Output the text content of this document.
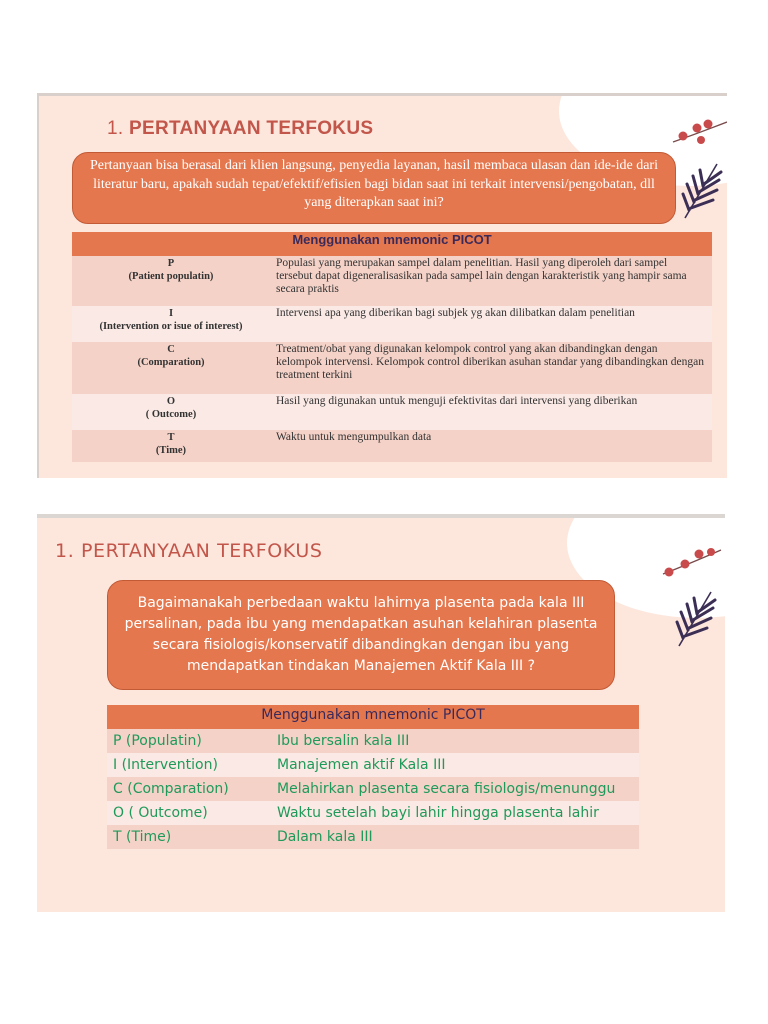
1. PERTANYAAN TERFOKUS
Pertanyaan bisa berasal dari klien langsung, penyedia layanan, hasil membaca ulasan dan ide-ide dari literatur baru, apakah sudah tepat/efektif/efisien bagi bidan saat ini terkait intervensi/pengobatan, dll yang diterapkan saat ini?
Menggunakan mnemonic PICOT	

P
(Patient populatin)	Populasi yang merupakan sampel dalam penelitian. Hasil yang diperoleh dari sampel tersebut dapat digeneralisasikan pada sampel lain dengan karakteristik yang hampir sama secara praktis

I
(Intervention or isue of interest)	Intervensi apa yang diberikan bagi subjek yg akan dilibatkan dalam penelitian

C
(Comparation)	Treatment/obat yang digunakan kelompok control yang akan dibandingkan dengan kelompok intervensi. Kelompok control diberikan asuhan standar yang dibandingkan dengan treatment terkini

O
( Outcome)	Hasil yang digunakan untuk menguji efektivitas dari intervensi yang diberikan

T
(Time)	Waktu untuk mengumpulkan data
1. PERTANYAAN TERFOKUS
Bagaimanakah perbedaan waktu lahirnya plasenta pada kala III persalinan, pada ibu yang mendapatkan asuhan kelahiran plasenta secara fisiologis/konservatif dibandingkan dengan ibu yang mendapatkan tindakan Manajemen Aktif Kala III ?
Menggunakan mnemonic PICOT	
P (Populatin)	Ibu bersalin kala III
I (Intervention)	Manajemen aktif Kala III
C (Comparation)	Melahirkan plasenta secara fisiologis/menunggu
O ( Outcome)	Waktu setelah bayi lahir hingga plasenta lahir
T (Time)	Dalam kala III
